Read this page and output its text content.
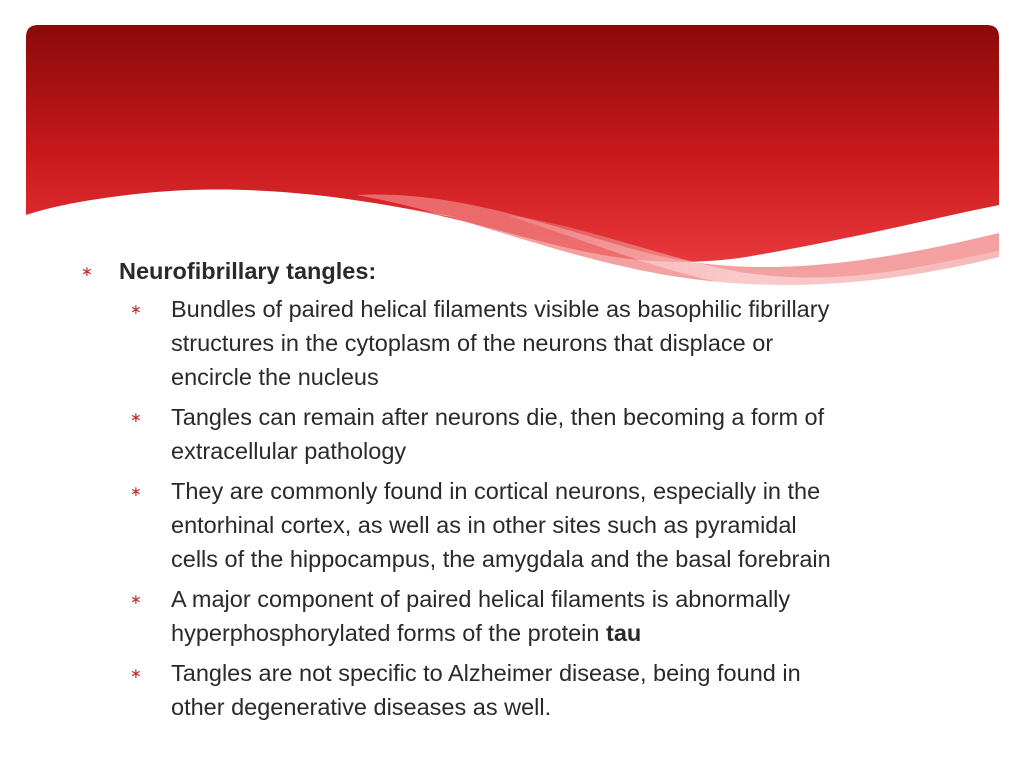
∗ Neurofibrillary tangles:
∗ Bundles of paired helical filaments visible as basophilic fibrillary
structures in the cytoplasm of the neurons that displace or
encircle the nucleus
∗ Tangles can remain after neurons die, then becoming a form of
extracellular pathology
∗ They are commonly found in cortical neurons, especially in the
entorhinal cortex, as well as in other sites such as pyramidal
cells of the hippocampus, the amygdala and the basal forebrain
∗ A major component of paired helical filaments is abnormally
hyperphosphorylated forms of the protein tau
∗ Tangles are not specific to Alzheimer disease, being found in
other degenerative diseases as well.
